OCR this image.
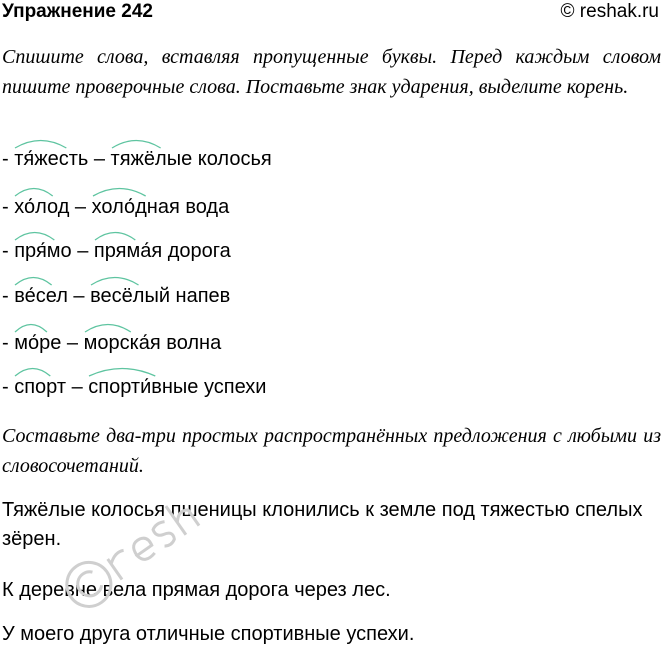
Упражнение 242	© reshak.ru
Спишите слова, вставляя пропущенные буквы. Перед каждым словом пишите проверочные слова. Поставьте знак ударения, выделите корень.
- тя́жесть
– тяжёлые
колосья
- хо́лод
– холо́дная
вода
- пря́мо
– пряма́я
дорога
- ве́сел
– весёлый
напев
- мо́ре
– морска́я
волна
- спорт
– спорти́вные
успехи
Составьте два-три простых распространённых предложения с любыми из словосочетаний.
Тяжёлые колосья пшеницы клонились к земле под тяжестью спелых зёрен.
К деревне вела прямая дорога через лес.
У моего друга отличные спортивные успехи.
